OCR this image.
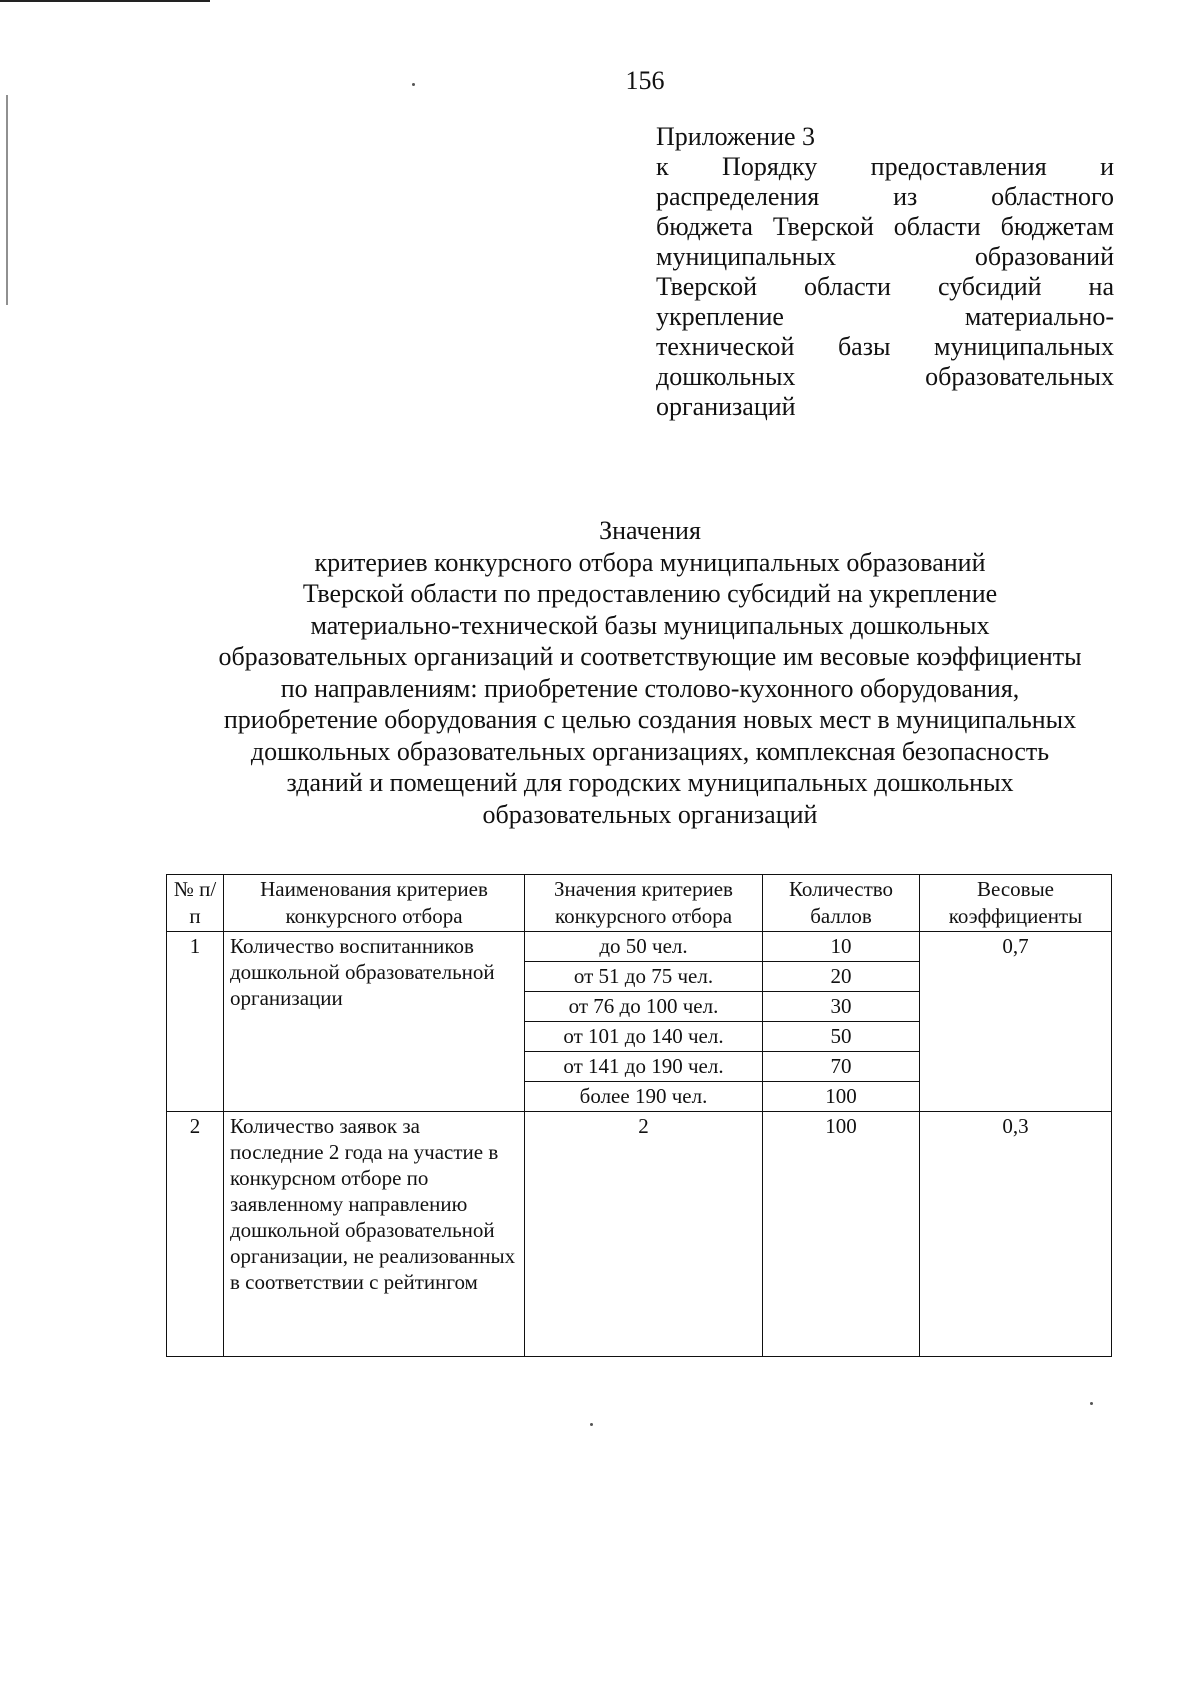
156
Приложение 3
к Порядку предоставления и
распределения из областного
бюджета Тверской области бюджетам
муниципальных образований
Тверской области субсидий на
укрепление материально-
технической базы муниципальных
дошкольных образовательных
организаций
Значения
критериев конкурсного отбора муниципальных образований
Тверской области по предоставлению субсидий на укрепление
материально-технической базы муниципальных дошкольных
образовательных организаций и соответствующие им весовые коэффициенты
по направлениям: приобретение столово-кухонного оборудования,
приобретение оборудования с целью создания новых мест в муниципальных
дошкольных образовательных организациях, комплексная безопасность
зданий и помещений для городских муниципальных дошкольных
образовательных организаций
№ п/п	Наименования критериев конкурсного отбора	Значения критериев конкурсного отбора	Количество баллов	Весовые коэффициенты
1	Количество воспитанников дошкольной образовательной организации	до 50 чел.	10	0,7
		от 51 до 75 чел.	20	
		от 76 до 100 чел.	30	
		от 101 до 140 чел.	50	
		от 141 до 190 чел.	70	
		более 190 чел.	100	
2	Количество заявок за последние 2 года на участие в конкурсном отборе по заявленному направлению дошкольной образовательной организации, не реализованных в соответствии с рейтингом	2	100	0,3
